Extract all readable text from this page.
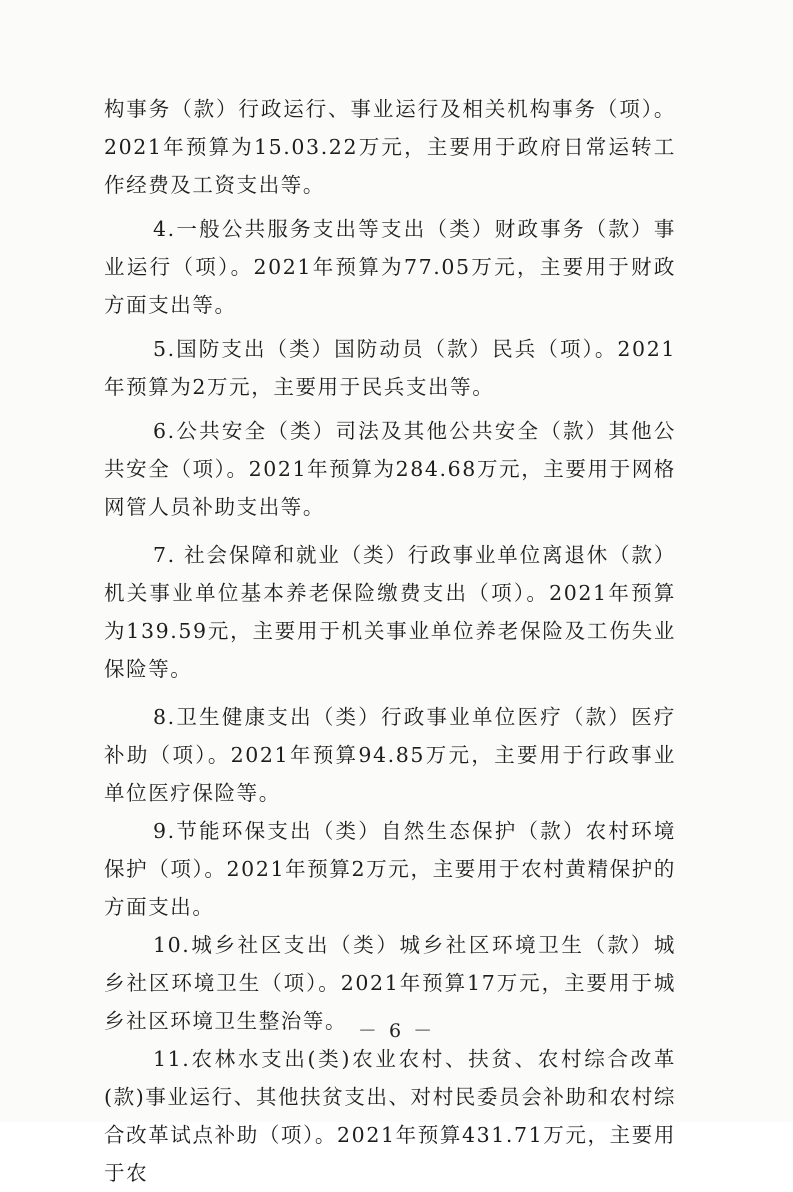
构事务（款）行政运行、事业运行及相关机构事务（项）。2021年预算为15.03.22万元，主要用于政府日常运转工作经费及工资支出等。

4.一般公共服务支出等支出（类）财政事务（款）事业运行（项）。2021年预算为77.05万元，主要用于财政方面支出等。

5.国防支出（类）国防动员（款）民兵（项）。2021年预算为2万元，主要用于民兵支出等。

6.公共安全（类）司法及其他公共安全（款）其他公共安全（项）。2021年预算为284.68万元，主要用于网格网管人员补助支出等。

7. 社会保障和就业（类）行政事业单位离退休（款）机关事业单位基本养老保险缴费支出（项）。2021年预算为139.59元，主要用于机关事业单位养老保险及工伤失业保险等。

8.卫生健康支出（类）行政事业单位医疗（款）医疗补助（项）。2021年预算94.85万元，主要用于行政事业单位医疗保险等。

9.节能环保支出（类）自然生态保护（款）农村环境保护（项）。2021年预算2万元，主要用于农村黄精保护的方面支出。

10.城乡社区支出（类）城乡社区环境卫生（款）城乡社区环境卫生（项）。2021年预算17万元，主要用于城乡社区环境卫生整治等。

11.农林水支出(类)农业农村、扶贫、农村综合改革(款)事业运行、其他扶贫支出、对村民委员会补助和农村综合改革试点补助（项）。2021年预算431.71万元，主要用于农

－ 6 －
